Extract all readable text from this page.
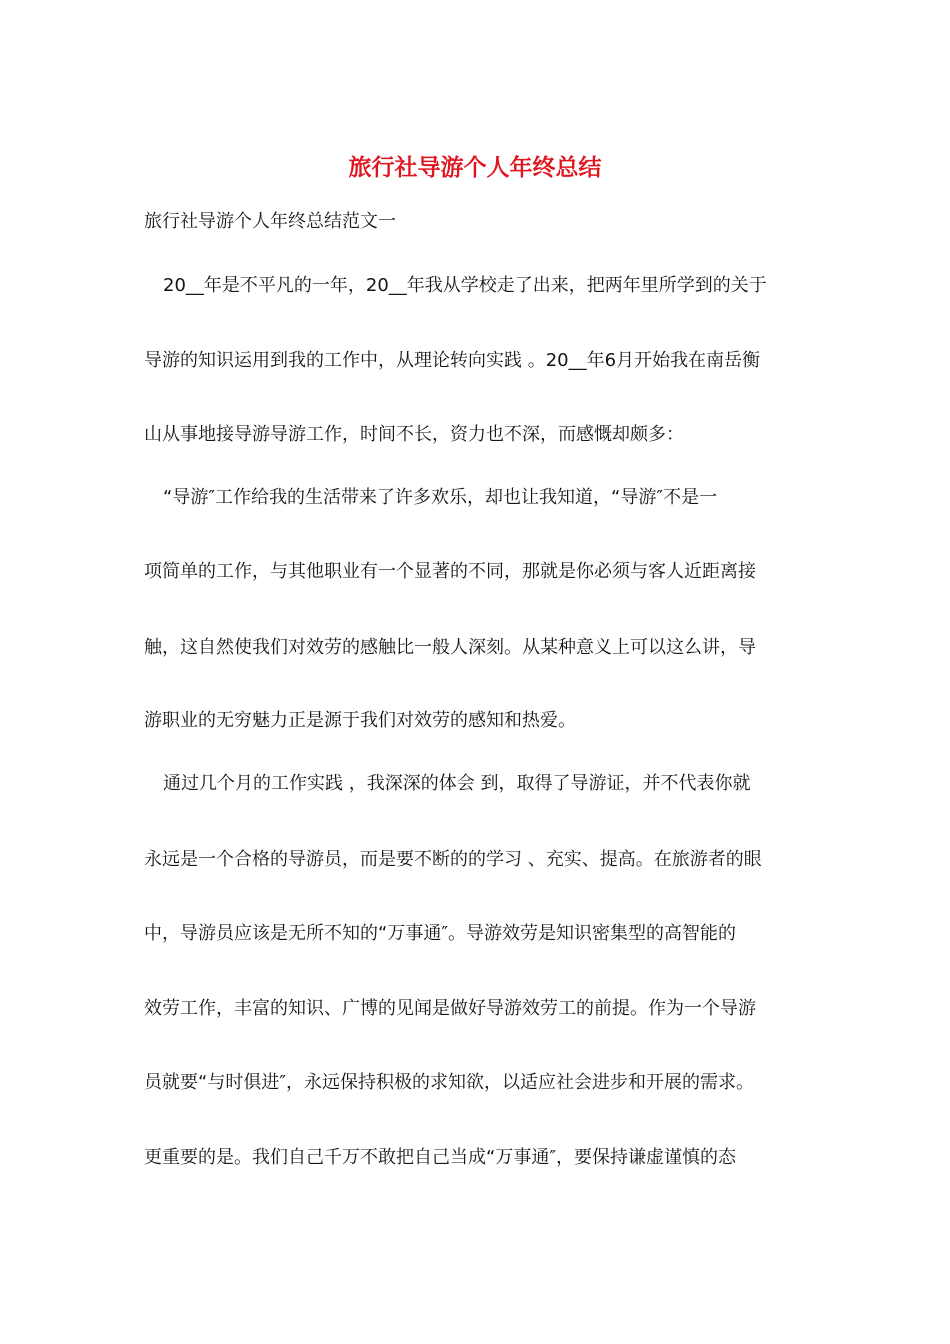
旅行社导游个人年终总结
旅行社导游个人年终总结范文一
20__年是不平凡的一年，20__年我从学校走了出来，把两年里所学到的关于
导游的知识运用到我的工作中，从理论转向实践 。20__年6月开始我在南岳衡
山从事地接导游导游工作，时间不长，资力也不深，而感慨却颇多：
“导游″工作给我的生活带来了许多欢乐，却也让我知道，“导游″不是一
项简单的工作，与其他职业有一个显著的不同，那就是你必须与客人近距离接
触，这自然使我们对效劳的感触比一般人深刻。从某种意义上可以这么讲，导
游职业的无穷魅力正是源于我们对效劳的感知和热爱。
通过几个月的工作实践 ，我深深的体会 到，取得了导游证，并不代表你就
永远是一个合格的导游员，而是要不断的的学习 、充实、提高。在旅游者的眼
中，导游员应该是无所不知的“万事通″。导游效劳是知识密集型的高智能的
效劳工作，丰富的知识、广博的见闻是做好导游效劳工的前提。作为一个导游
员就要“与时俱进″，永远保持积极的求知欲，以适应社会进步和开展的需求。
更重要的是。我们自己千万不敢把自己当成“万事通″，要保持谦虚谨慎的态
